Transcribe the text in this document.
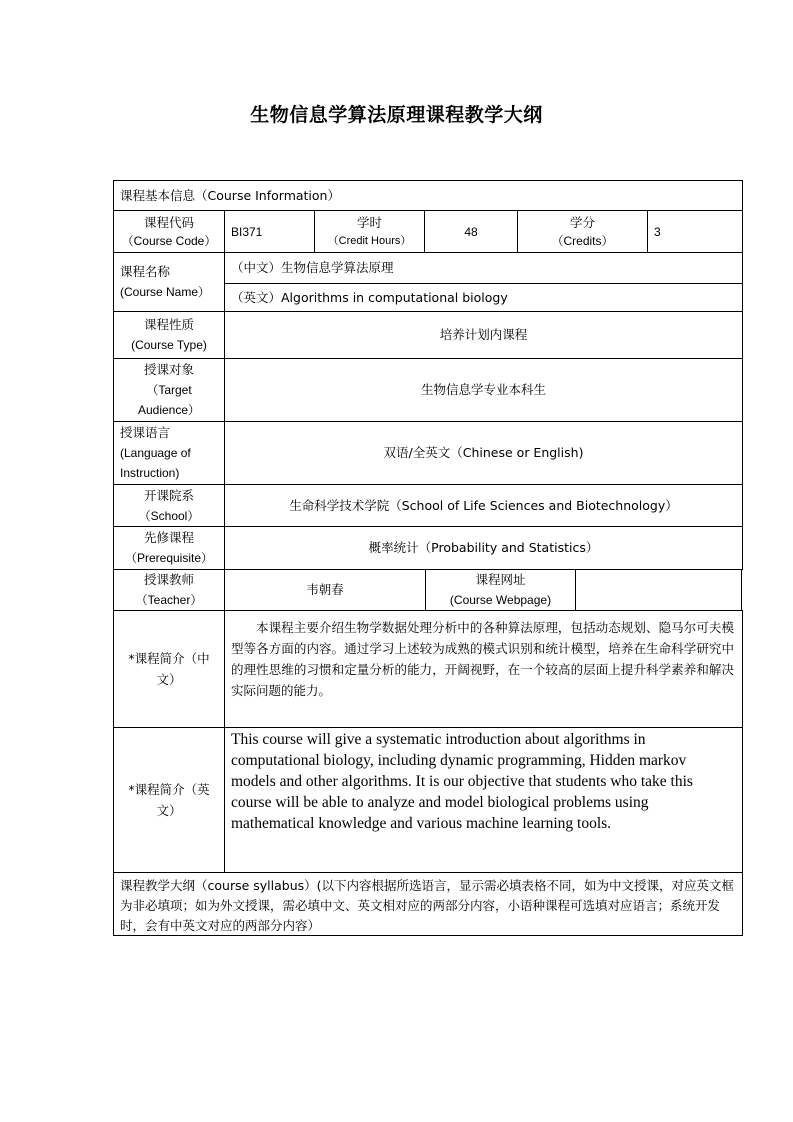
生物信息学算法原理课程教学大纲
课程基本信息（Course Information）
课程代码
（Course Code）
BI371
学时
（Credit Hours）
48
学分
（Credits）
3
课程名称
(Course Name）
（中文）生物信息学算法原理
（英文）Algorithms in computational biology
课程性质
(Course Type)
培养计划内课程
授课对象
（Target
Audience）
生物信息学专业本科生
授课语言
(Language of
Instruction)
双语/全英文（Chinese or English)
开课院系
（School）
生命科学技术学院（School of Life Sciences and Biotechnology）
先修课程
（Prerequisite）
概率统计（Probability and Statistics）
授课教师
（Teacher）
韦朝春
课程网址
(Course Webpage)
*课程简介（中文）
本课程主要介绍生物学数据处理分析中的各种算法原理，包括动态规划、隐马尔可夫模型等各方面的内容。通过学习上述较为成熟的模式识别和统计模型，培养在生命科学研究中的理性思维的习惯和定量分析的能力，开阔视野，在一个较高的层面上提升科学素养和解决实际问题的能力。
*课程简介（英文）
This course will give a systematic introduction about algorithms in
computational biology, including dynamic programming, Hidden markov
models and other algorithms. It is our objective that students who take this
course will be able to analyze and model biological problems using
mathematical knowledge and various machine learning tools.
课程教学大纲（course syllabus）(以下内容根据所选语言，显示需必填表格不同，如为中文授课，对应英文框为非必填项；如为外文授课，需必填中文、英文相对应的两部分内容，小语种课程可选填对应语言；系统开发时，会有中英文对应的两部分内容）
